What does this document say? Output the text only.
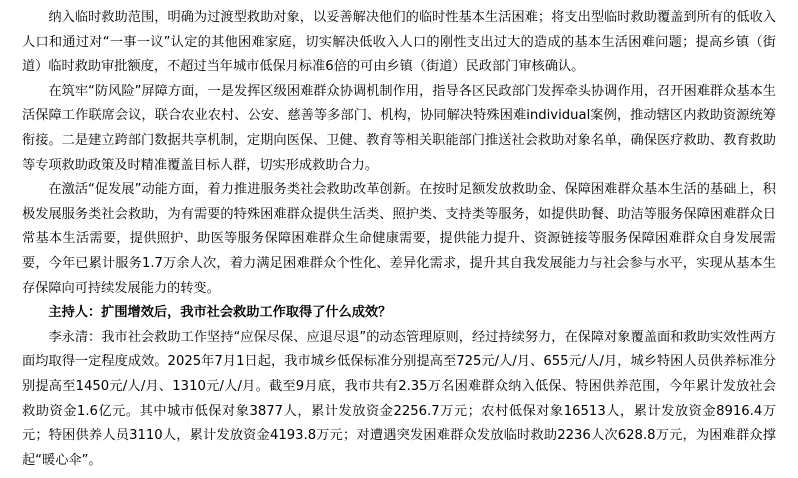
纳入临时救助范围，明确为过渡型救助对象，以妥善解决他们的临时性基本生活困难；将支出型临时救助覆盖到所有的低收入人口和通过对“一事一议”认定的其他困难家庭，切实解决低收入人口的刚性支出过大的造成的基本生活困难问题；提高乡镇（街道）临时救助审批额度，不超过当年城市低保月标准6倍的可由乡镇（街道）民政部门审核确认。

在筑牢“防风险”屏障方面，一是发挥区级困难群众协调机制作用，指导各区民政部门发挥牵头协调作用，召开困难群众基本生活保障工作联席会议，联合农业农村、公安、慈善等多部门、机构，协同解决特殊困难individual案例，推动辖区内救助资源统筹衔接。二是建立跨部门数据共享机制，定期向医保、卫健、教育等相关职能部门推送社会救助对象名单，确保医疗救助、教育救助等专项救助政策及时精准覆盖目标人群，切实形成救助合力。

在激活“促发展”动能方面，着力推进服务类社会救助改革创新。在按时足额发放救助金、保障困难群众基本生活的基础上，积极发展服务类社会救助，为有需要的特殊困难群众提供生活类、照护类、支持类等服务，如提供助餐、助洁等服务保障困难群众日常基本生活需要，提供照护、助医等服务保障困难群众生命健康需要，提供能力提升、资源链接等服务保障困难群众自身发展需要，今年已累计服务1.7万余人次，着力满足困难群众个性化、差异化需求，提升其自我发展能力与社会参与水平，实现从基本生存保障向可持续发展能力的转变。

主持人：扩围增效后，我市社会救助工作取得了什么成效？

李永清：我市社会救助工作坚持“应保尽保、应退尽退”的动态管理原则，经过持续努力，在保障对象覆盖面和救助实效性两方面均取得一定程度成效。2025年7月1日起，我市城乡低保标准分别提高至725元/人/月、655元/人/月，城乡特困人员供养标准分别提高至1450元/人/月、1310元/人/月。截至9月底，我市共有2.35万名困难群众纳入低保、特困供养范围，今年累计发放社会救助资金1.6亿元。其中城市低保对象3877人，累计发放资金2256.7万元；农村低保对象16513人，累计发放资金8916.4万元；特困供养人员3110人，累计发放资金4193.8万元；对遭遇突发困难群众发放临时救助2236人次628.8万元，为困难群众撑起“暖心伞”。
